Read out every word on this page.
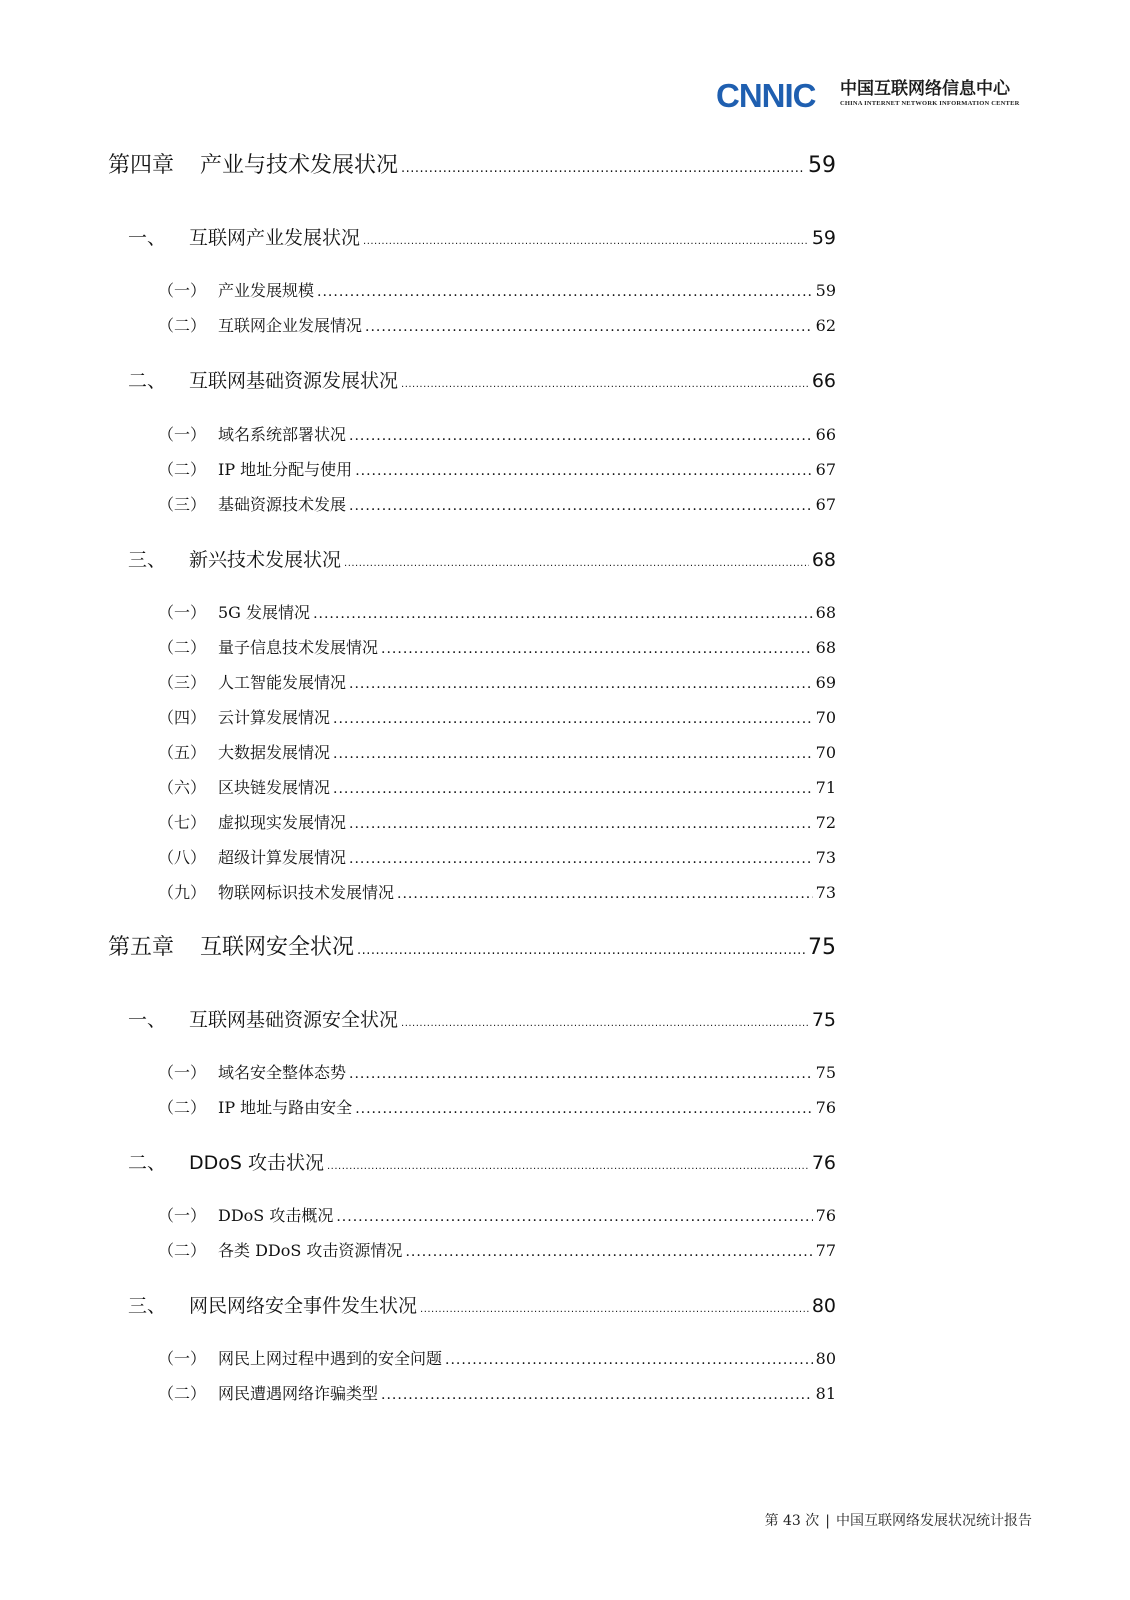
CNNIC 中国互联网络信息中心
CHINA INTERNET NETWORK INFORMATION CENTER
第四章	产业与技术发展状况 .....	59
一、	互联网产业发展状况 .....	59
（一） 产业发展规模 .....	59
（二） 互联网企业发展情况 .....	62
二、	互联网基础资源发展状况 .....	66
（一） 域名系统部署状况 .....	66
（二） IP 地址分配与使用 .....	67
（三） 基础资源技术发展 .....	67
三、	新兴技术发展状况 .....	68
（一） 5G 发展情况 .....	68
（二） 量子信息技术发展情况 .....	68
（三） 人工智能发展情况 .....	69
（四） 云计算发展情况 .....	70
（五） 大数据发展情况 .....	70
（六） 区块链发展情况 .....	71
（七） 虚拟现实发展情况 .....	72
（八） 超级计算发展情况 .....	73
（九） 物联网标识技术发展情况 .....	73
第五章	互联网安全状况 .....	75
一、	互联网基础资源安全状况 .....	75
（一） 域名安全整体态势 .....	75
（二） IP 地址与路由安全 .....	76
二、	DDoS 攻击状况 .....	76
（一） DDoS 攻击概况 .....	76
（二） 各类 DDoS 攻击资源情况 .....	77
三、	网民网络安全事件发生状况 .....	80
（一） 网民上网过程中遇到的安全问题 .....	80
（二） 网民遭遇网络诈骗类型 .....	81
第 43 次 | 中国互联网络发展状况统计报告
